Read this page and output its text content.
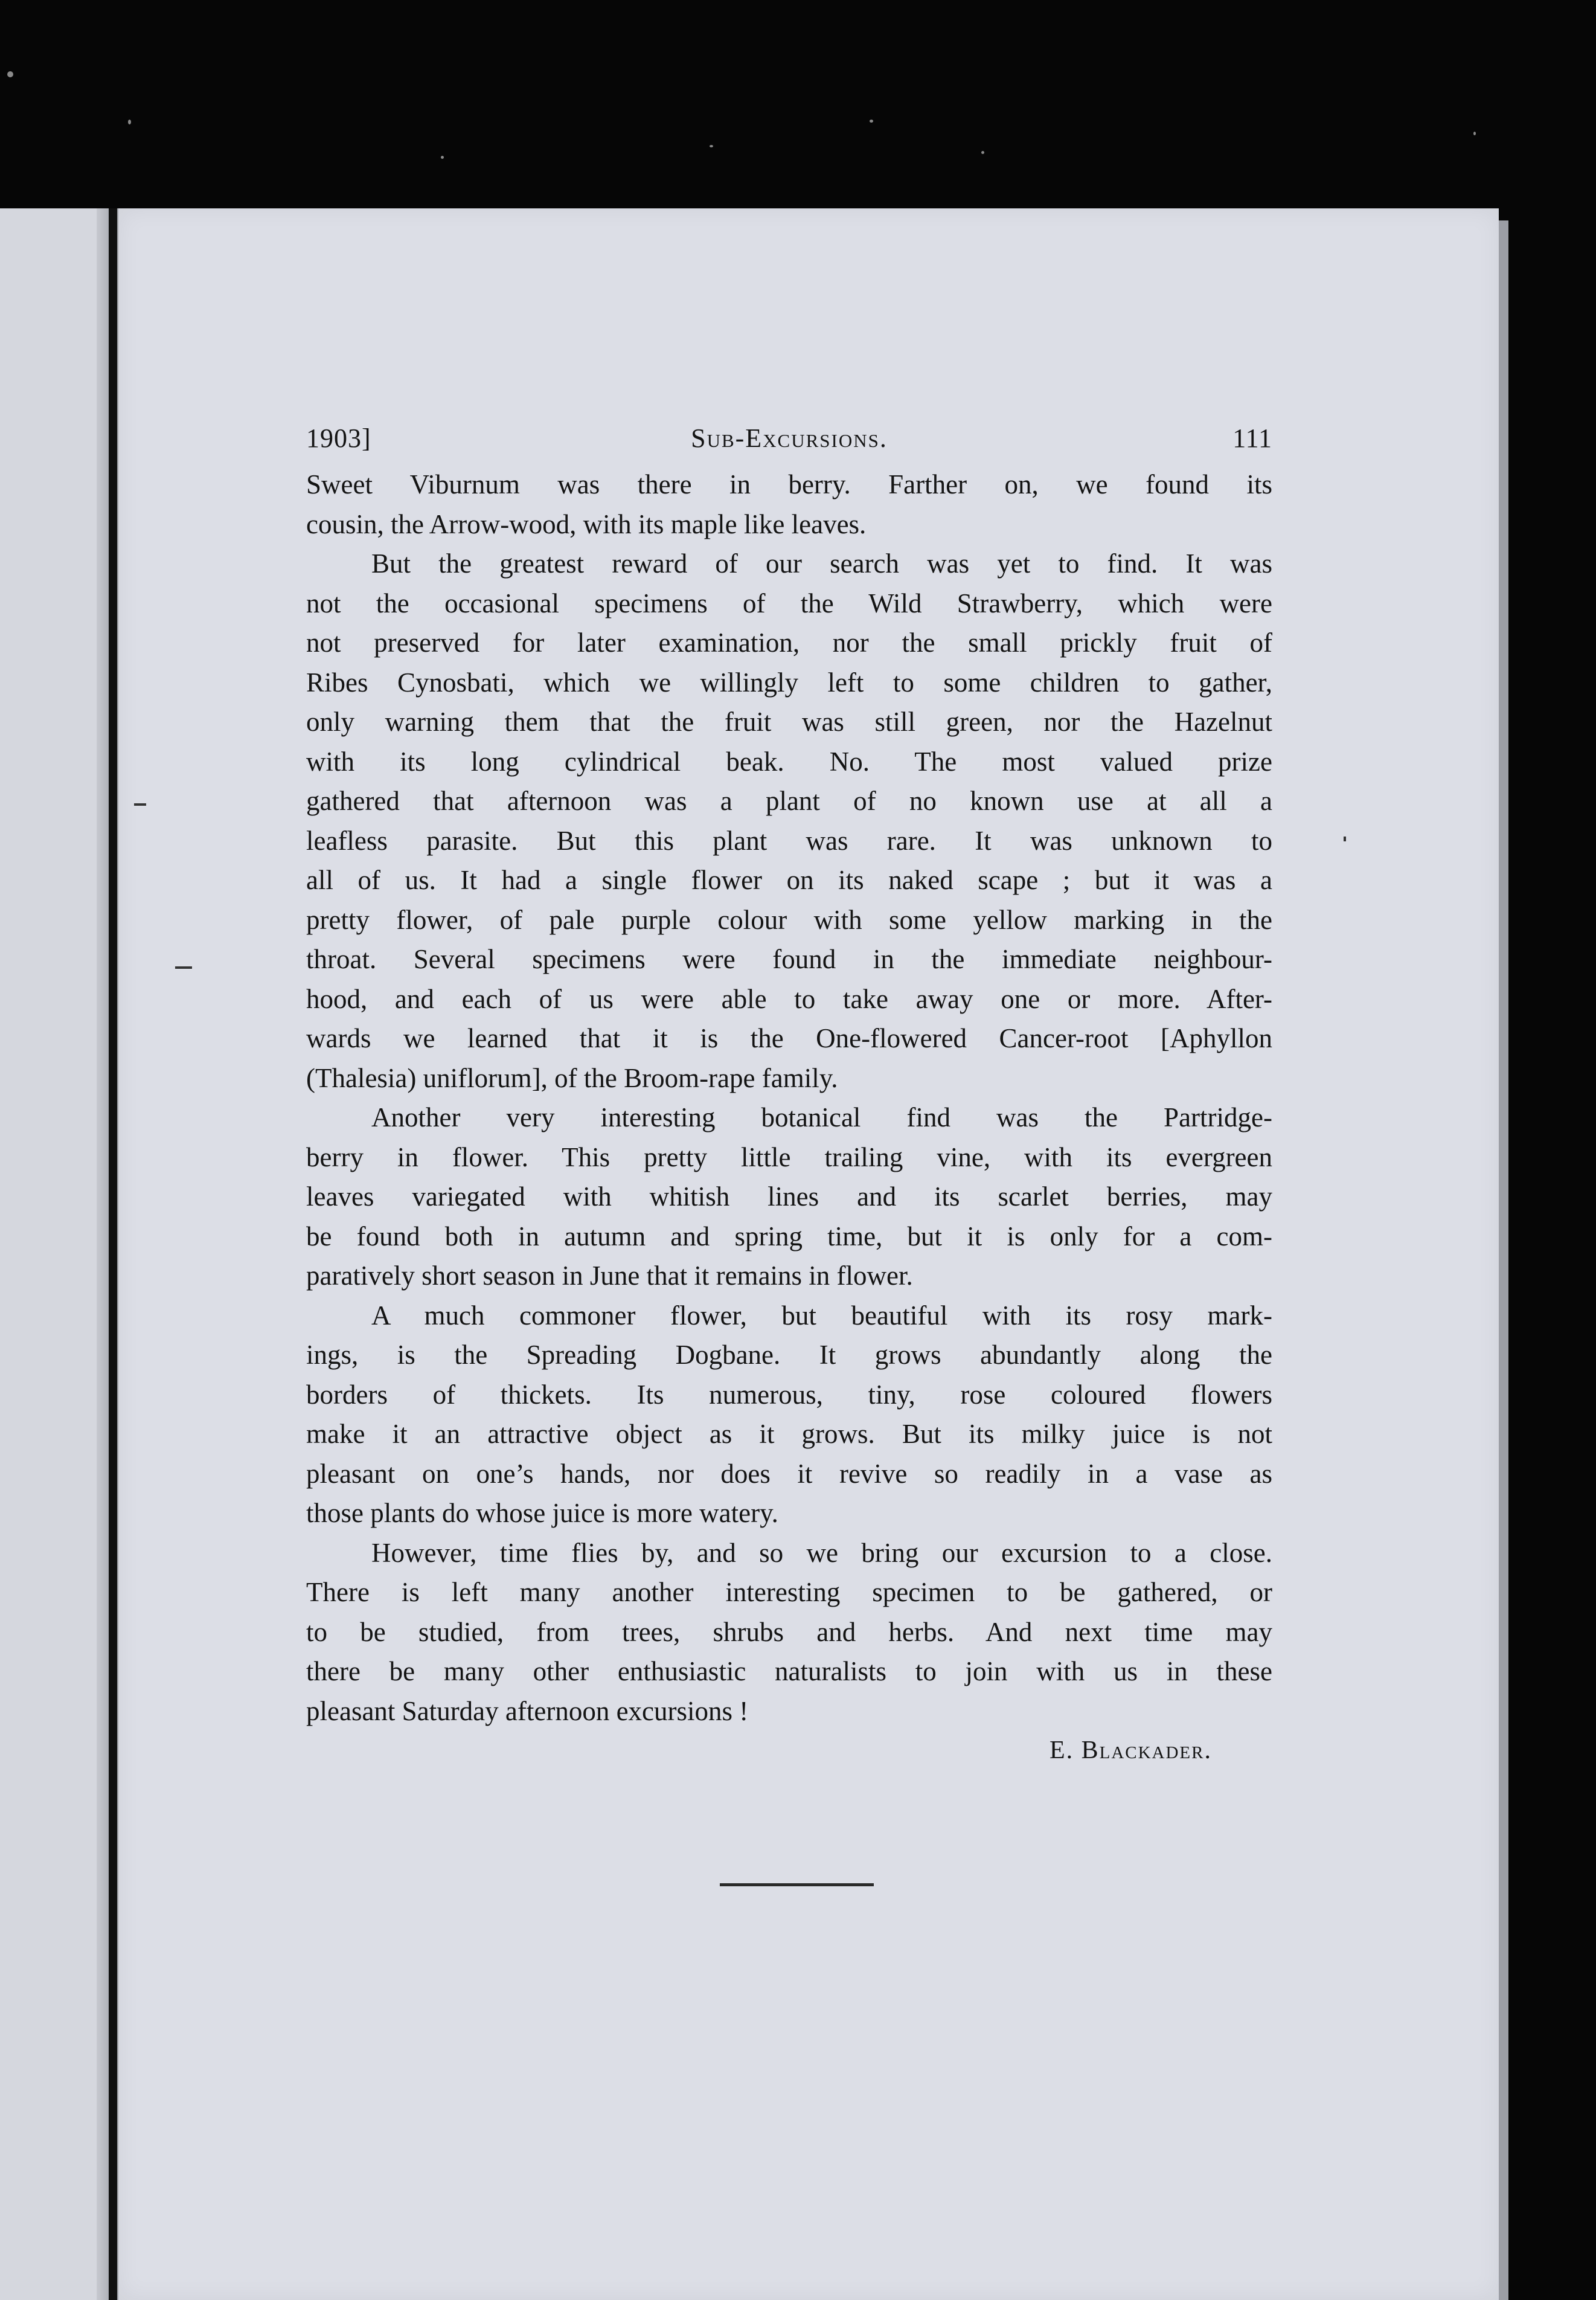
1903]	Sub-Excursions.	111

Sweet Viburnum was there in berry. Farther on, we found its
cousin, the Arrow-wood, with its maple like leaves.

But the greatest reward of our search was yet to find. It was
not the occasional specimens of the Wild Strawberry, which were
not preserved for later examination, nor the small prickly fruit of
Ribes Cynosbati, which we willingly left to some children to gather,
only warning them that the fruit was still green, nor the Hazelnut
with its long cylindrical beak. No. The most valued prize
gathered that afternoon was a plant of no known use at all a
leafless parasite. But this plant was rare. It was unknown to
all of us. It had a single flower on its naked scape ; but it was a
pretty flower, of pale purple colour with some yellow marking in the
throat. Several specimens were found in the immediate neighbour-
hood, and each of us were able to take away one or more. After-
wards we learned that it is the One-flowered Cancer-root [Aphyllon
(Thalesia) uniflorum], of the Broom-rape family.

Another very interesting botanical find was the Partridge-
berry in flower. This pretty little trailing vine, with its evergreen
leaves variegated with whitish lines and its scarlet berries, may
be found both in autumn and spring time, but it is only for a com-
paratively short season in June that it remains in flower.

A much commoner flower, but beautiful with its rosy mark-
ings, is the Spreading Dogbane. It grows abundantly along the
borders of thickets. Its numerous, tiny, rose coloured flowers
make it an attractive object as it grows. But its milky juice is not
pleasant on one’s hands, nor does it revive so readily in a vase as
those plants do whose juice is more watery.

However, time flies by, and so we bring our excursion to a close.
There is left many another interesting specimen to be gathered, or
to be studied, from trees, shrubs and herbs. And next time may
there be many other enthusiastic naturalists to join with us in these
pleasant Saturday afternoon excursions !

E. Blackader.
